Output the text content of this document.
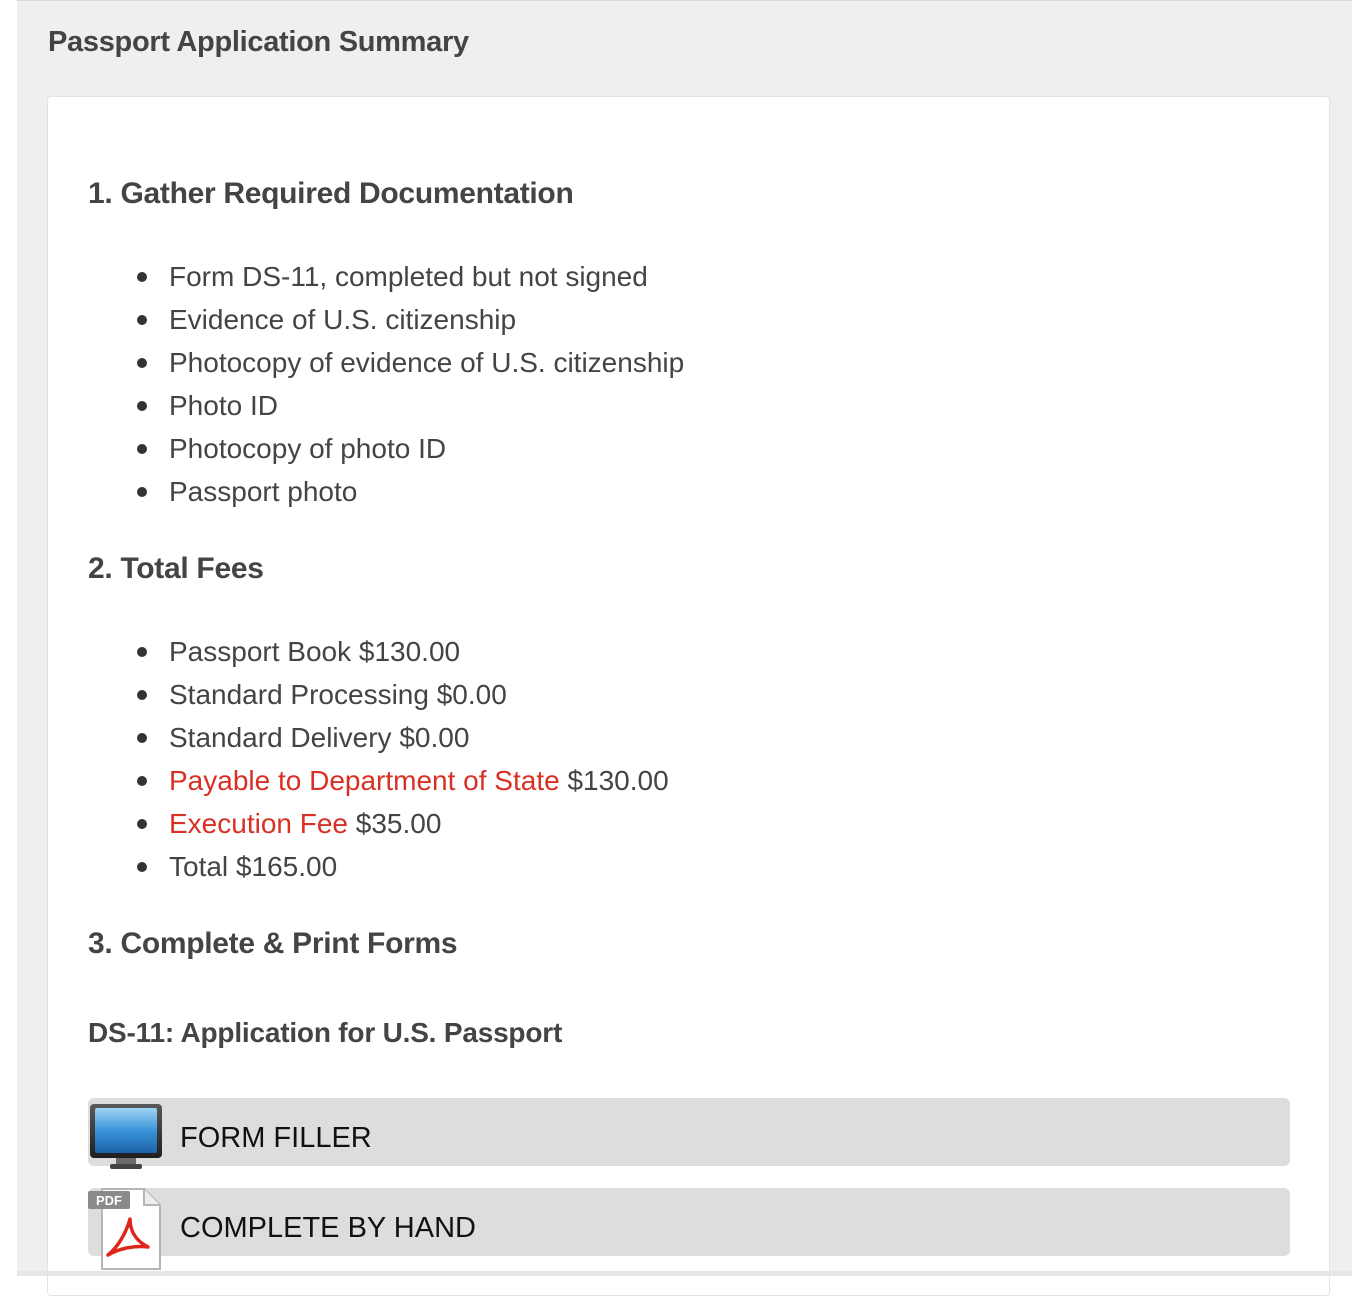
Passport Application Summary
1. Gather Required Documentation
Form DS-11, completed but not signed
Evidence of U.S. citizenship
Photocopy of evidence of U.S. citizenship
Photo ID
Photocopy of photo ID
Passport photo
2. Total Fees
Passport Book $130.00
Standard Processing $0.00
Standard Delivery $0.00
Payable to Department of State $130.00
Execution Fee $35.00
Total $165.00
3. Complete & Print Forms
DS-11: Application for U.S. Passport
FORM FILLER
PDF
COMPLETE BY HAND
